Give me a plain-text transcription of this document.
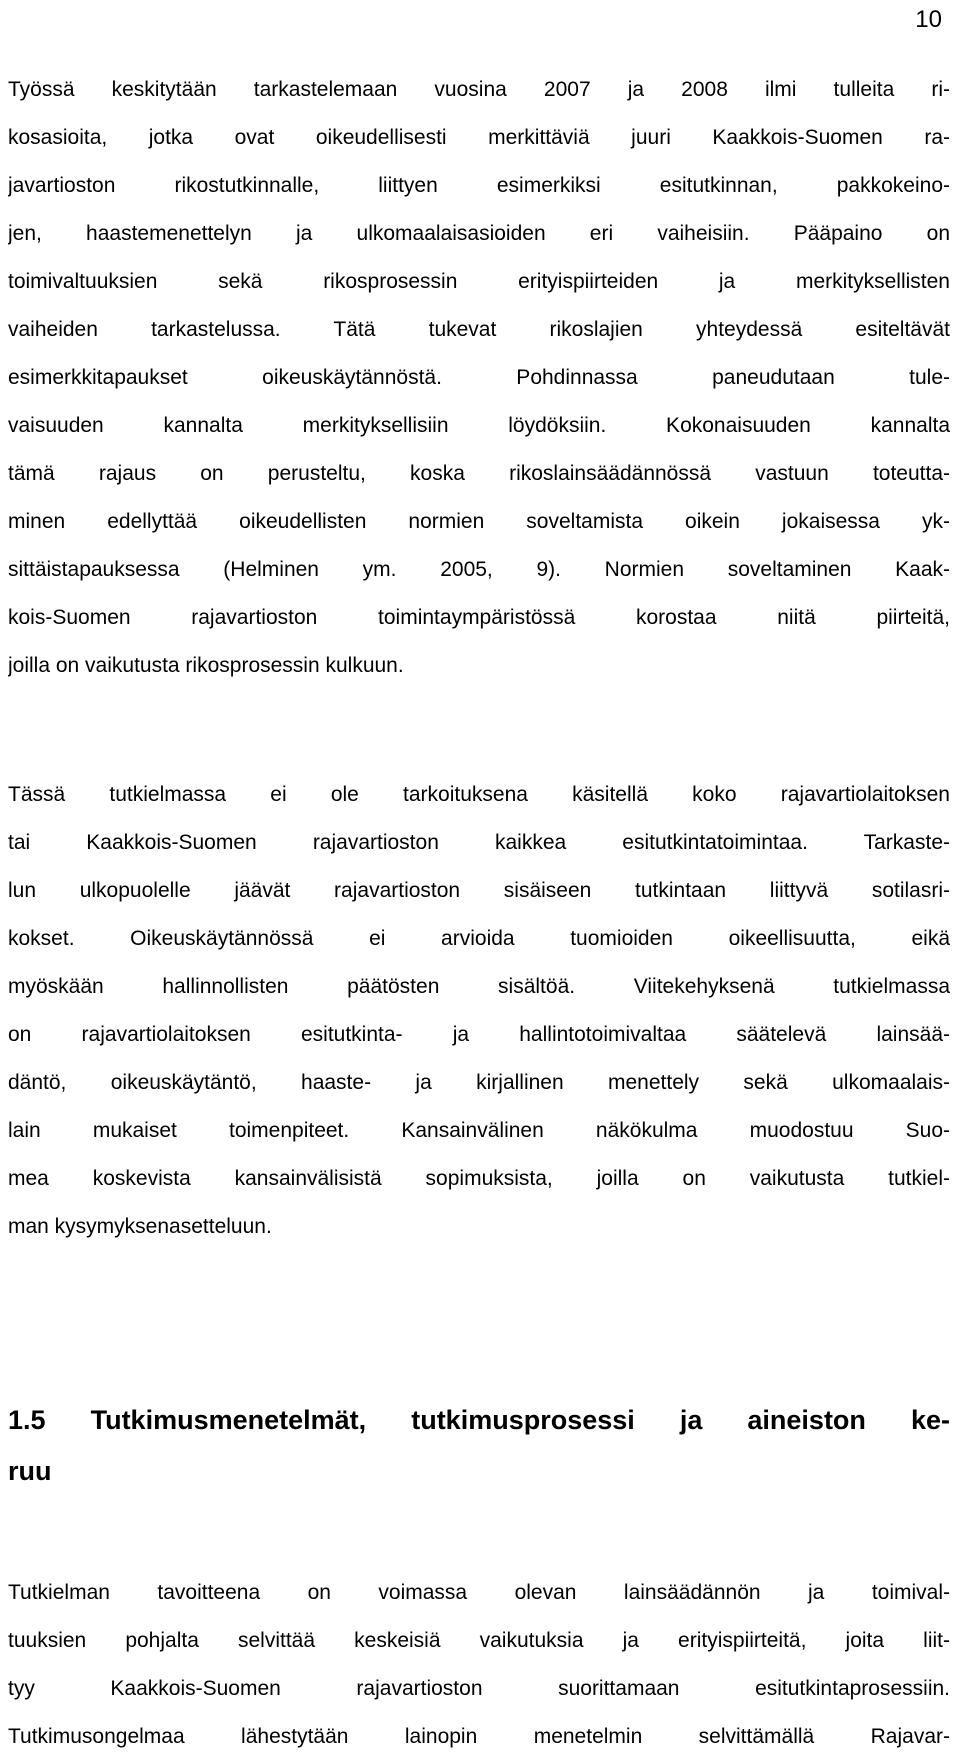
10
Työssä keskitytään tarkastelemaan vuosina 2007 ja 2008 ilmi tulleita ri-
kosasioita, jotka ovat oikeudellisesti merkittäviä juuri Kaakkois-Suomen ra-
javartioston rikostutkinnalle, liittyen esimerkiksi esitutkinnan, pakkokeino-
jen, haastemenettelyn ja ulkomaalaisasioiden eri vaiheisiin. Pääpaino on
toimivaltuuksien sekä rikosprosessin erityispiirteiden ja merkityksellisten
vaiheiden tarkastelussa. Tätä tukevat rikoslajien yhteydessä esiteltävät
esimerkkitapaukset oikeuskäytännöstä. Pohdinnassa paneudutaan tule-
vaisuuden kannalta merkityksellisiin löydöksiin. Kokonaisuuden kannalta
tämä rajaus on perusteltu, koska rikoslainsäädännössä vastuun toteutta-
minen edellyttää oikeudellisten normien soveltamista oikein jokaisessa yk-
sittäistapauksessa (Helminen ym. 2005, 9). Normien soveltaminen Kaak-
kois-Suomen rajavartioston toimintaympäristössä korostaa niitä piirteitä,
joilla on vaikutusta rikosprosessin kulkuun.
Tässä tutkielmassa ei ole tarkoituksena käsitellä koko rajavartiolaitoksen
tai Kaakkois-Suomen rajavartioston kaikkea esitutkintatoimintaa. Tarkaste-
lun ulkopuolelle jäävät rajavartioston sisäiseen tutkintaan liittyvä sotilasri-
kokset. Oikeuskäytännössä ei arvioida tuomioiden oikeellisuutta, eikä
myöskään hallinnollisten päätösten sisältöä. Viitekehyksenä tutkielmassa
on rajavartiolaitoksen esitutkinta- ja hallintotoimivaltaa säätelevä lainsää-
däntö, oikeuskäytäntö, haaste- ja kirjallinen menettely sekä ulkomaalais-
lain mukaiset toimenpiteet. Kansainvälinen näkökulma muodostuu Suo-
mea koskevista kansainvälisistä sopimuksista, joilla on vaikutusta tutkiel-
man kysymyksenasetteluun.
1.5 Tutkimusmenetelmät, tutkimusprosessi ja aineiston ke-
ruu
Tutkielman tavoitteena on voimassa olevan lainsäädännön ja toimival-
tuuksien pohjalta selvittää keskeisiä vaikutuksia ja erityispiirteitä, joita liit-
tyy Kaakkois-Suomen rajavartioston suorittamaan esitutkintaprosessiin.
Tutkimusongelmaa lähestytään lainopin menetelmin selvittämällä Rajavar-
